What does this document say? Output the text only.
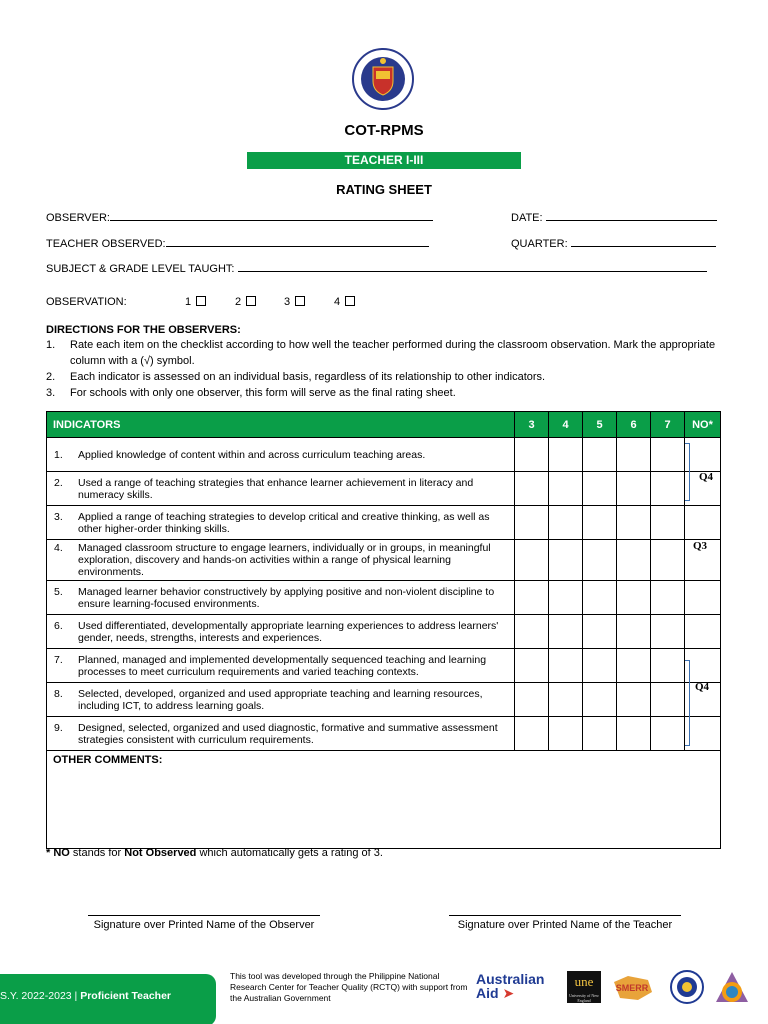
COT-RPMS
TEACHER I-III
RATING SHEET
OBSERVER:	DATE:
TEACHER OBSERVED:	QUARTER:
SUBJECT & GRADE LEVEL TAUGHT:
OBSERVATION:	1	2	3	4
DIRECTIONS FOR THE OBSERVERS:
1. Rate each item on the checklist according to how well the teacher performed during the classroom observation. Mark the appropriate column with a (√) symbol.
2. Each indicator is assessed on an individual basis, regardless of its relationship to other indicators.
3. For schools with only one observer, this form will serve as the final rating sheet.
INDICATORS	3	4	5	6	7	NO*

1. Applied knowledge of content within and across curriculum teaching areas.						

2. Used a range of teaching strategies that enhance learner achievement in literacy and numeracy skills.						

3. Applied a range of teaching strategies to develop critical and creative thinking, as well as other higher-order thinking skills.						

4. Managed classroom structure to engage learners, individually or in groups, in meaningful exploration, discovery and hands-on activities within a range of physical learning environments.						

5. Managed learner behavior constructively by applying positive and non-violent discipline to ensure learning-focused environments.						

6. Used differentiated, developmentally appropriate learning experiences to address learners' gender, needs, strengths, interests and experiences.						

7. Planned, managed and implemented developmentally sequenced teaching and learning processes to meet curriculum requirements and varied teaching contexts.						

8. Selected, developed, organized and used appropriate teaching and learning resources, including ICT, to address learning goals.						

9. Designed, selected, organized and used diagnostic, formative and summative assessment strategies consistent with curriculum requirements.						

OTHER COMMENTS:						
Q4
Q3
Q4
* NO stands for Not Observed which automatically gets a rating of 3.
Signature over Printed Name of the Observer	Signature over Printed Name of the Teacher
S.Y. 2022-2023 | Proficient Teacher
This tool was developed through the Philippine National Research Center for Teacher Quality (RCTQ) with support from the Australian Government
Australian
Aid ➤
une
University of New England
SMERR
